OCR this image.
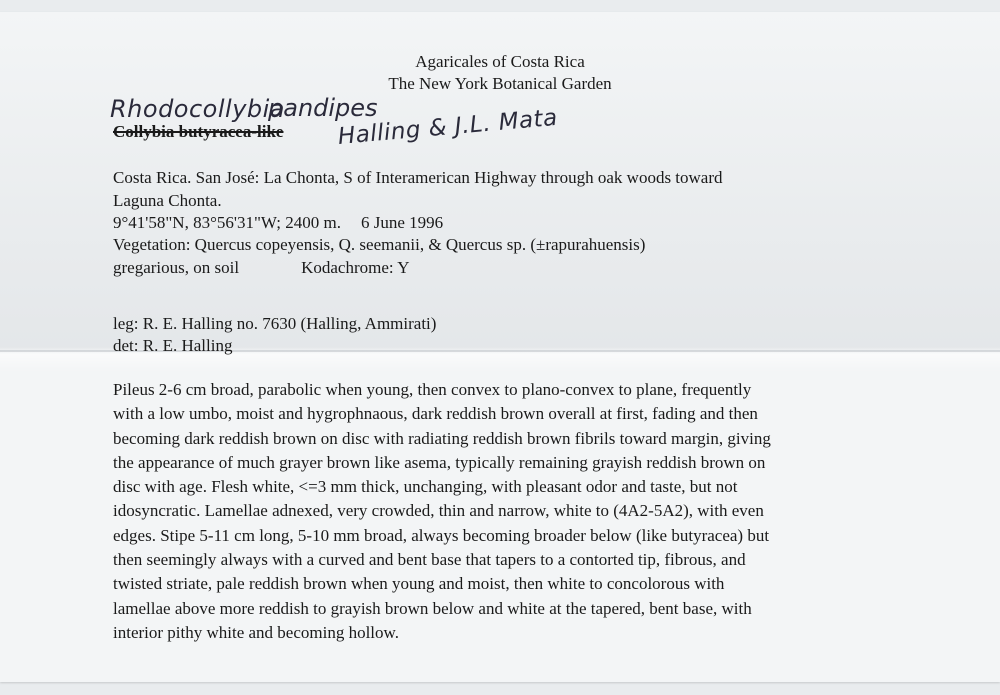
Agaricales of Costa Rica
The New York Botanical Garden
Rhodocollybia
pandipes
Halling & J.L. Mata
Collybia butyracea-like
Costa Rica. San José: La Chonta, S of Interamerican Highway through oak woods toward
Laguna Chonta.
9°41'58"N, 83°56'31"W; 2400 m. 6 June 1996
Vegetation: Quercus copeyensis, Q. seemanii, & Quercus sp. (±rapurahuensis)
gregarious, on soil	Kodachrome: Y
leg: R. E. Halling no. 7630 (Halling, Ammirati)
det: R. E. Halling

Pileus 2-6 cm broad, parabolic when young, then convex to plano-convex to plane, frequently

with a low umbo, moist and hygrophnaous, dark reddish brown overall at first, fading and then

becoming dark reddish brown on disc with radiating reddish brown fibrils toward margin, giving

the appearance of much grayer brown like asema, typically remaining grayish reddish brown on

disc with age. Flesh white, <=3 mm thick, unchanging, with pleasant odor and taste, but not

idosyncratic. Lamellae adnexed, very crowded, thin and narrow, white to (4A2-5A2), with even

edges. Stipe 5-11 cm long, 5-10 mm broad, always becoming broader below (like butyracea) but

then seemingly always with a curved and bent base that tapers to a contorted tip, fibrous, and

twisted striate, pale reddish brown when young and moist, then white to concolorous with

lamellae above more reddish to grayish brown below and white at the tapered, bent base, with

interior pithy white and becoming hollow.
